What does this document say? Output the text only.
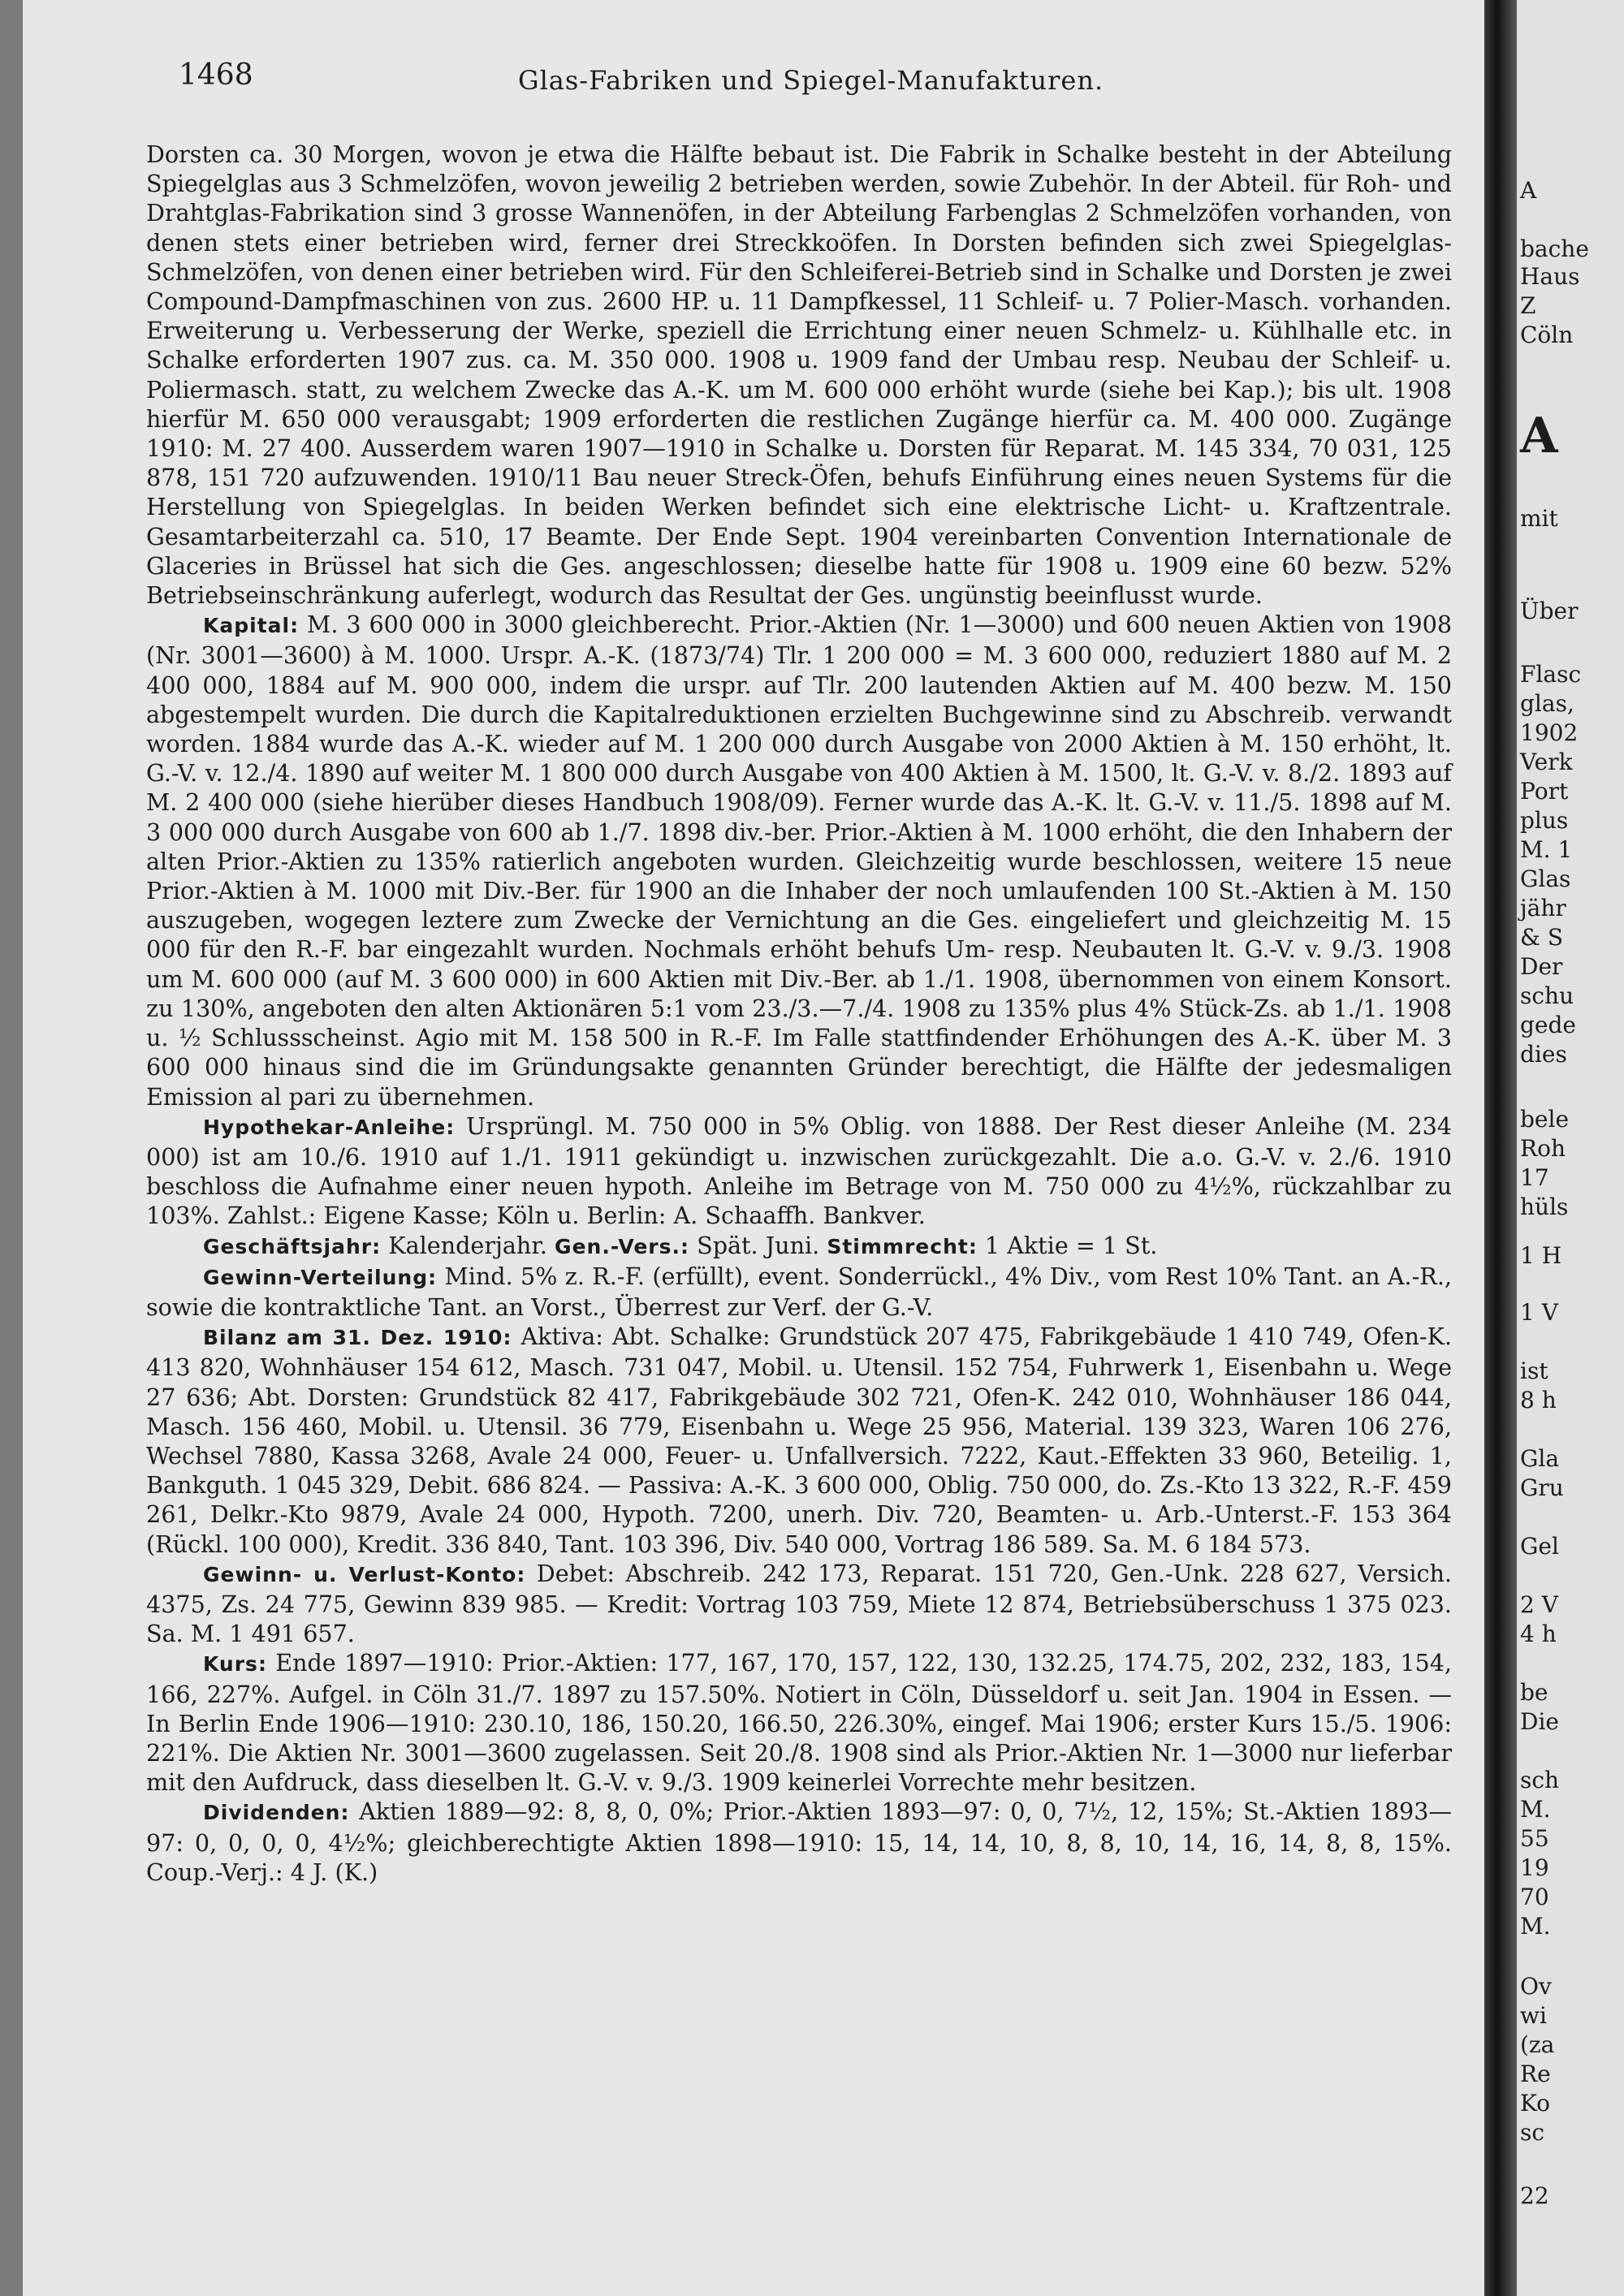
1468	Glas-Fabriken und Spiegel-Manufakturen.

Dorsten ca. 30 Morgen, wovon je etwa die Hälfte bebaut ist. Die Fabrik in Schalke besteht in der Abteilung Spiegelglas aus 3 Schmelzöfen, wovon jeweilig 2 betrieben werden, sowie Zubehör. In der Abteil. für Roh- und Drahtglas-Fabrikation sind 3 grosse Wannenöfen, in der Abteilung Farbenglas 2 Schmelzöfen vorhanden, von denen stets einer betrieben wird, ferner drei Streckkoöfen. In Dorsten befinden sich zwei Spiegelglas-Schmelzöfen, von denen einer betrieben wird. Für den Schleiferei-Betrieb sind in Schalke und Dorsten je zwei Compound-Dampfmaschinen von zus. 2600 HP. u. 11 Dampfkessel, 11 Schleif- u. 7 Polier-Masch. vorhanden. Erweiterung u. Verbesserung der Werke, speziell die Errichtung einer neuen Schmelz- u. Kühlhalle etc. in Schalke erforderten 1907 zus. ca. M. 350 000. 1908 u. 1909 fand der Umbau resp. Neubau der Schleif- u. Poliermasch. statt, zu welchem Zwecke das A.-K. um M. 600 000 erhöht wurde (siehe bei Kap.); bis ult. 1908 hierfür M. 650 000 verausgabt; 1909 erforderten die restlichen Zugänge hierfür ca. M. 400 000. Zugänge 1910: M. 27 400. Ausserdem waren 1907—1910 in Schalke u. Dorsten für Reparat. M. 145 334, 70 031, 125 878, 151 720 aufzuwenden. 1910/11 Bau neuer Streck-Öfen, behufs Einführung eines neuen Systems für die Herstellung von Spiegelglas. In beiden Werken befindet sich eine elektrische Licht- u. Kraftzentrale. Gesamtarbeiterzahl ca. 510, 17 Beamte. Der Ende Sept. 1904 vereinbarten Convention Internationale de Glaceries in Brüssel hat sich die Ges. angeschlossen; dieselbe hatte für 1908 u. 1909 eine 60 bezw. 52% Betriebseinschränkung auferlegt, wodurch das Resultat der Ges. ungünstig beeinflusst wurde.

Kapital: M. 3 600 000 in 3000 gleichberecht. Prior.-Aktien (Nr. 1—3000) und 600 neuen Aktien von 1908 (Nr. 3001—3600) à M. 1000. Urspr. A.-K. (1873/74) Tlr. 1 200 000 = M. 3 600 000, reduziert 1880 auf M. 2 400 000, 1884 auf M. 900 000, indem die urspr. auf Tlr. 200 lautenden Aktien auf M. 400 bezw. M. 150 abgestempelt wurden. Die durch die Kapitalreduktionen erzielten Buchgewinne sind zu Abschreib. verwandt worden. 1884 wurde das A.-K. wieder auf M. 1 200 000 durch Ausgabe von 2000 Aktien à M. 150 erhöht, lt. G.-V. v. 12./4. 1890 auf weiter M. 1 800 000 durch Ausgabe von 400 Aktien à M. 1500, lt. G.-V. v. 8./2. 1893 auf M. 2 400 000 (siehe hierüber dieses Handbuch 1908/09). Ferner wurde das A.-K. lt. G.-V. v. 11./5. 1898 auf M. 3 000 000 durch Ausgabe von 600 ab 1./7. 1898 div.-ber. Prior.-Aktien à M. 1000 erhöht, die den Inhabern der alten Prior.-Aktien zu 135% ratierlich angeboten wurden. Gleichzeitig wurde beschlossen, weitere 15 neue Prior.-Aktien à M. 1000 mit Div.-Ber. für 1900 an die Inhaber der noch umlaufenden 100 St.-Aktien à M. 150 auszugeben, wogegen leztere zum Zwecke der Vernichtung an die Ges. eingeliefert und gleichzeitig M. 15 000 für den R.-F. bar eingezahlt wurden. Nochmals erhöht behufs Um- resp. Neubauten lt. G.-V. v. 9./3. 1908 um M. 600 000 (auf M. 3 600 000) in 600 Aktien mit Div.-Ber. ab 1./1. 1908, übernommen von einem Konsort. zu 130%, angeboten den alten Aktionären 5:1 vom 23./3.—7./4. 1908 zu 135% plus 4% Stück-Zs. ab 1./1. 1908 u. ½ Schlussscheinst. Agio mit M. 158 500 in R.-F. Im Falle stattfindender Erhöhungen des A.-K. über M. 3 600 000 hinaus sind die im Gründungsakte genannten Gründer berechtigt, die Hälfte der jedesmaligen Emission al pari zu übernehmen.

Hypothekar-Anleihe: Ursprüngl. M. 750 000 in 5% Oblig. von 1888. Der Rest dieser Anleihe (M. 234 000) ist am 10./6. 1910 auf 1./1. 1911 gekündigt u. inzwischen zurückgezahlt. Die a.o. G.-V. v. 2./6. 1910 beschloss die Aufnahme einer neuen hypoth. Anleihe im Betrage von M. 750 000 zu 4½%, rückzahlbar zu 103%. Zahlst.: Eigene Kasse; Köln u. Berlin: A. Schaaffh. Bankver.

Geschäftsjahr: Kalenderjahr. Gen.-Vers.: Spät. Juni. Stimmrecht: 1 Aktie = 1 St.

Gewinn-Verteilung: Mind. 5% z. R.-F. (erfüllt), event. Sonderrückl., 4% Div., vom Rest 10% Tant. an A.-R., sowie die kontraktliche Tant. an Vorst., Überrest zur Verf. der G.-V.

Bilanz am 31. Dez. 1910: Aktiva: Abt. Schalke: Grundstück 207 475, Fabrikgebäude 1 410 749, Ofen-K. 413 820, Wohnhäuser 154 612, Masch. 731 047, Mobil. u. Utensil. 152 754, Fuhrwerk 1, Eisenbahn u. Wege 27 636; Abt. Dorsten: Grundstück 82 417, Fabrikgebäude 302 721, Ofen-K. 242 010, Wohnhäuser 186 044, Masch. 156 460, Mobil. u. Utensil. 36 779, Eisenbahn u. Wege 25 956, Material. 139 323, Waren 106 276, Wechsel 7880, Kassa 3268, Avale 24 000, Feuer- u. Unfallversich. 7222, Kaut.-Effekten 33 960, Beteilig. 1, Bankguth. 1 045 329, Debit. 686 824. — Passiva: A.-K. 3 600 000, Oblig. 750 000, do. Zs.-Kto 13 322, R.-F. 459 261, Delkr.-Kto 9879, Avale 24 000, Hypoth. 7200, unerh. Div. 720, Beamten- u. Arb.-Unterst.-F. 153 364 (Rückl. 100 000), Kredit. 336 840, Tant. 103 396, Div. 540 000, Vortrag 186 589. Sa. M. 6 184 573.

Gewinn- u. Verlust-Konto: Debet: Abschreib. 242 173, Reparat. 151 720, Gen.-Unk. 228 627, Versich. 4375, Zs. 24 775, Gewinn 839 985. — Kredit: Vortrag 103 759, Miete 12 874, Betriebsüberschuss 1 375 023. Sa. M. 1 491 657.

Kurs: Ende 1897—1910: Prior.-Aktien: 177, 167, 170, 157, 122, 130, 132.25, 174.75, 202, 232, 183, 154, 166, 227%. Aufgel. in Cöln 31./7. 1897 zu 157.50%. Notiert in Cöln, Düsseldorf u. seit Jan. 1904 in Essen. — In Berlin Ende 1906—1910: 230.10, 186, 150.20, 166.50, 226.30%, eingef. Mai 1906; erster Kurs 15./5. 1906: 221%. Die Aktien Nr. 3001—3600 zugelassen. Seit 20./8. 1908 sind als Prior.-Aktien Nr. 1—3000 nur lieferbar mit den Aufdruck, dass dieselben lt. G.-V. v. 9./3. 1909 keinerlei Vorrechte mehr besitzen.

Dividenden: Aktien 1889—92: 8, 8, 0, 0%; Prior.-Aktien 1893—97: 0, 0, 7½, 12, 15%; St.-Aktien 1893—97: 0, 0, 0, 0, 4½%; gleichberechtigte Aktien 1898—1910: 15, 14, 14, 10, 8, 8, 10, 14, 16, 14, 8, 8, 15%. Coup.-Verj.: 4 J. (K.)

A
bache
Haus
Z
Cöln
A
mit
Über
Flasc
glas,
1902
Verk
Port
plus
M. 1
Glas
jähr
& S
Der
schu
gede
dies
bele
Roh
17
hüls
1 H
1 V
ist
8 h
Gla
Gru
Gel
2 V
4 h
be
Die
sch
M.
55
19
70
M.
Ov
wi
(za
Re
Ko
sc
22
